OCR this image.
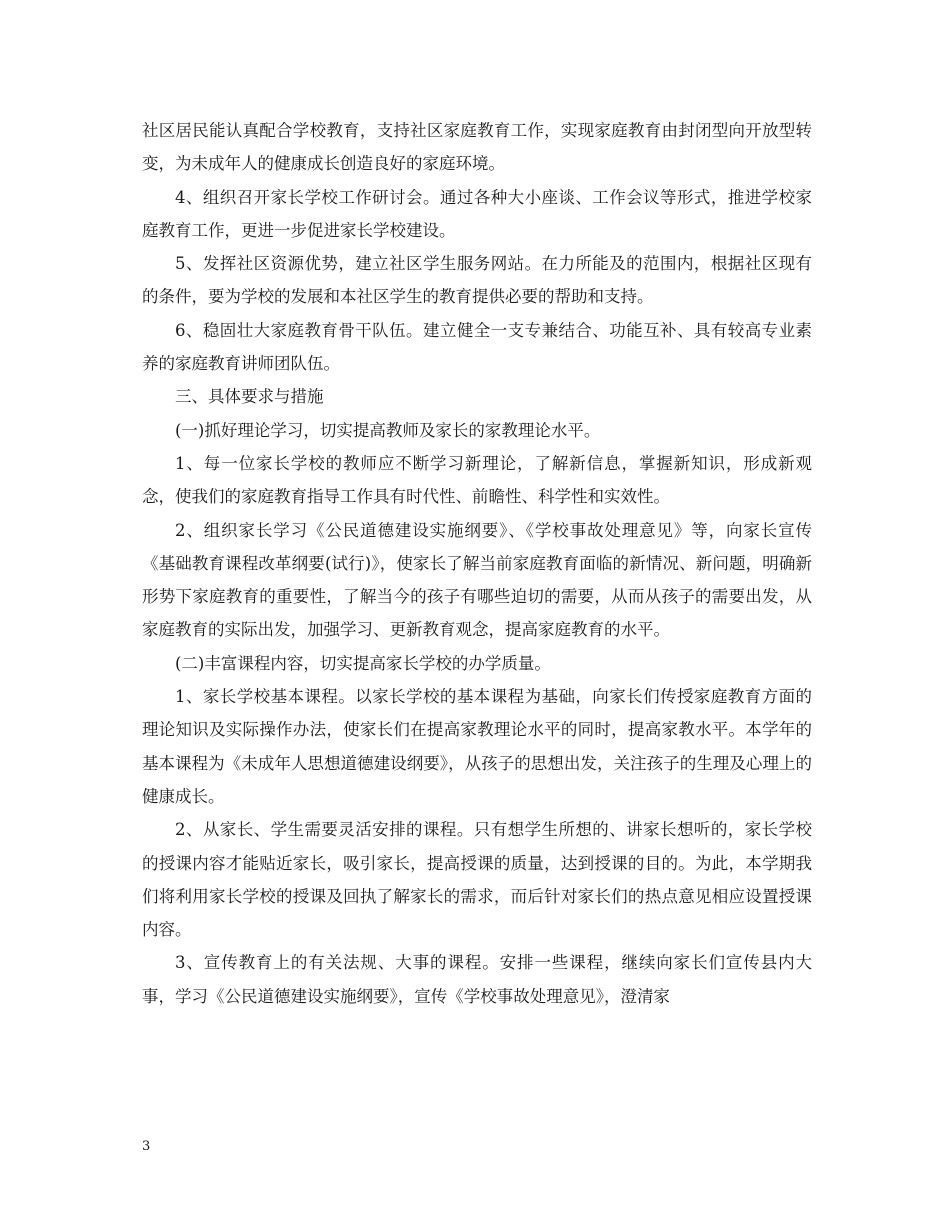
社区居民能认真配合学校教育，支持社区家庭教育工作，实现家庭教育由封闭型向开放型转变，为未成年人的健康成长创造良好的家庭环境。

4、组织召开家长学校工作研讨会。通过各种大小座谈、工作会议等形式，推进学校家庭教育工作，更进一步促进家长学校建设。

5、发挥社区资源优势，建立社区学生服务网站。在力所能及的范围内，根据社区现有的条件，要为学校的发展和本社区学生的教育提供必要的帮助和支持。

6、稳固壮大家庭教育骨干队伍。建立健全一支专兼结合、功能互补、具有较高专业素养的家庭教育讲师团队伍。

三、具体要求与措施

(一)抓好理论学习，切实提高教师及家长的家教理论水平。

1、每一位家长学校的教师应不断学习新理论，了解新信息，掌握新知识，形成新观念，使我们的家庭教育指导工作具有时代性、前瞻性、科学性和实效性。

2、组织家长学习《公民道德建设实施纲要》、《学校事故处理意见》等，向家长宣传《基础教育课程改革纲要(试行)》，使家长了解当前家庭教育面临的新情况、新问题，明确新形势下家庭教育的重要性，了解当今的孩子有哪些迫切的需要，从而从孩子的需要出发，从家庭教育的实际出发，加强学习、更新教育观念，提高家庭教育的水平。

(二)丰富课程内容，切实提高家长学校的办学质量。

1、家长学校基本课程。以家长学校的基本课程为基础，向家长们传授家庭教育方面的理论知识及实际操作办法，使家长们在提高家教理论水平的同时，提高家教水平。本学年的基本课程为《未成年人思想道德建设纲要》，从孩子的思想出发，关注孩子的生理及心理上的健康成长。

2、从家长、学生需要灵活安排的课程。只有想学生所想的、讲家长想听的，家长学校的授课内容才能贴近家长，吸引家长，提高授课的质量，达到授课的目的。为此，本学期我们将利用家长学校的授课及回执了解家长的需求，而后针对家长们的热点意见相应设置授课内容。

3、宣传教育上的有关法规、大事的课程。安排一些课程，继续向家长们宣传县内大事，学习《公民道德建设实施纲要》，宣传《学校事故处理意见》，澄清家

3
